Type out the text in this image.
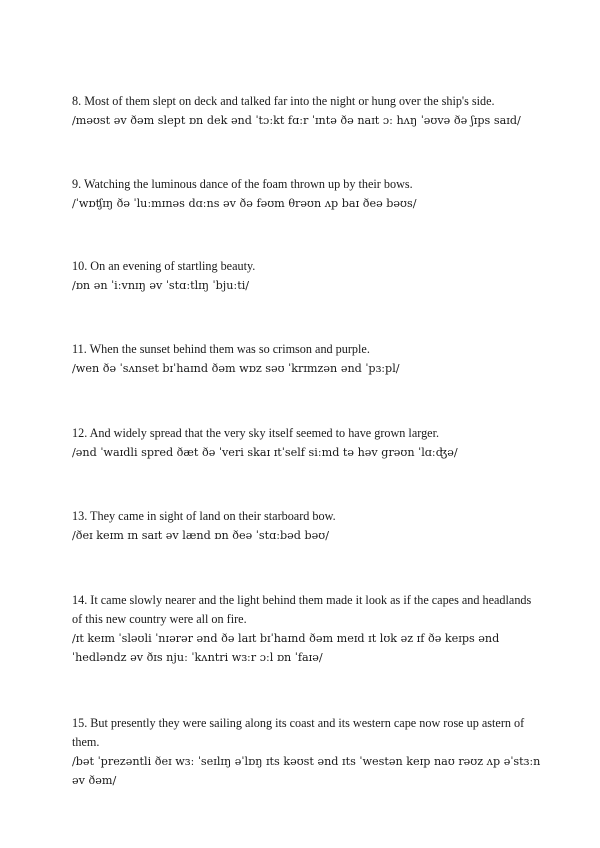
8. Most of them slept on deck and talked far into the night or hung over the ship's side.

/məʊst əv ðəm slept ɒn dek ənd ˈtɔːkt fɑːr ˈɪntə ðə naɪt ɔː hʌŋ ˈəʊvə ðə ʃɪps saɪd/

9. Watching the luminous dance of the foam thrown up by their bows.

/ˈwɒʧɪŋ ðə ˈluːmɪnəs dɑːns əv ðə fəʊm θrəʊn ʌp baɪ ðeə bəʊs/

10. On an evening of startling beauty.

/ɒn ən ˈiːvnɪŋ əv ˈstɑːtlɪŋ ˈbjuːti/

11. When the sunset behind them was so crimson and purple.

/wen ðə ˈsʌnset bɪˈhaɪnd ðəm wɒz səʊ ˈkrɪmzən ənd ˈpɜːpl/

12. And widely spread that the very sky itself seemed to have grown larger.

/ənd ˈwaɪdli spred ðæt ðə ˈveri skaɪ ɪtˈself siːmd tə həv grəʊn ˈlɑːʤə/

13. They came in sight of land on their starboard bow.

/ðeɪ keɪm ɪn saɪt əv lænd ɒn ðeə ˈstɑːbəd bəʊ/

14. It came slowly nearer and the light behind them made it look as if the capes and headlands of this new country were all on fire.

/ɪt keɪm ˈsləʊli ˈnɪərər ənd ðə laɪt bɪˈhaɪnd ðəm meɪd ɪt lʊk əz ɪf ðə keɪps ənd ˈhedləndz əv ðɪs njuː ˈkʌntri wɜːr ɔːl ɒn ˈfaɪə/

15. But presently they were sailing along its coast and its western cape now rose up astern of them.

/bət ˈprezəntli ðeɪ wɜː ˈseɪlɪŋ əˈlɒŋ ɪts kəʊst ənd ɪts ˈwestən keɪp naʊ rəʊz ʌp əˈstɜːn əv ðəm/
